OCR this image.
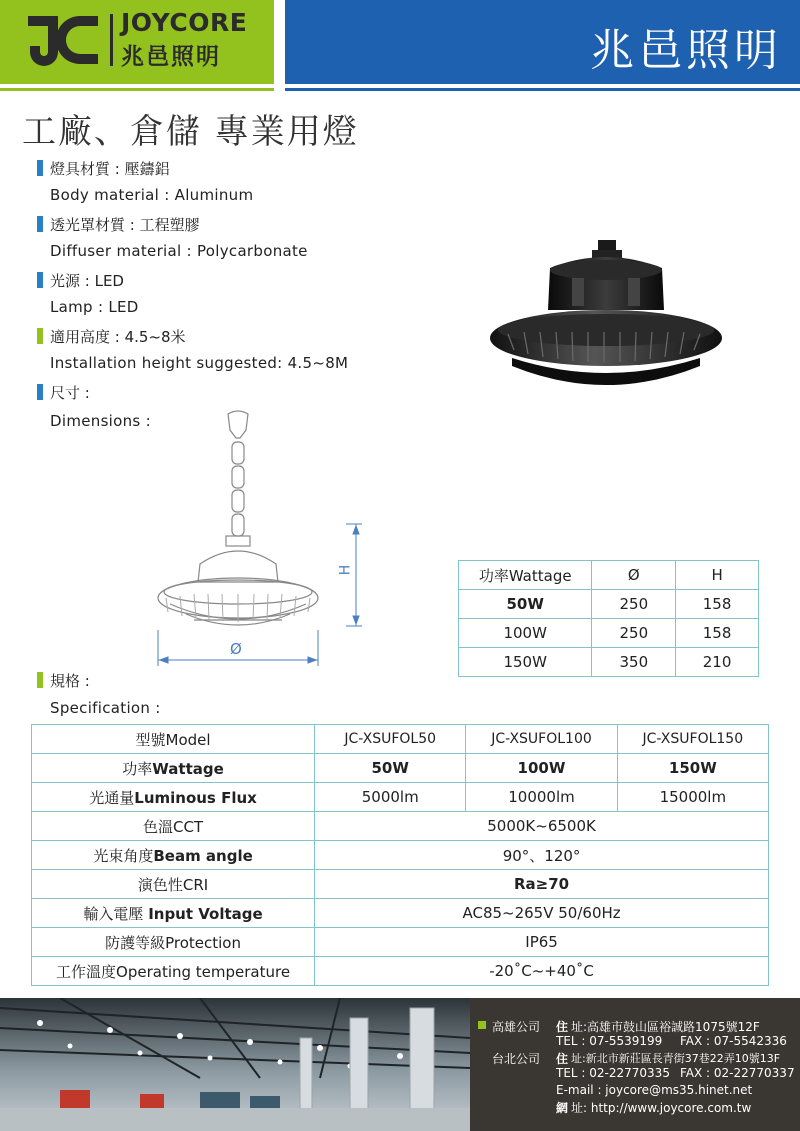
JOYCORE
兆邑照明	兆邑照明
工廠、倉儲 專業用燈
燈具材質 : 壓鑄鋁
Body material : Aluminum
透光罩材質 : 工程塑膠
Diffuser material : Polycarbonate
光源 : LED
Lamp : LED
適用高度 : 4.5~8米
Installation height suggested: 4.5~8M
尺寸 :
Dimensions :
H
Ø
功率Wattage	Ø	H
50W	250	158
100W	250	158
150W	350	210
規格 :
Specification :
型號Model	JC-XSUFOL50	JC-XSUFOL100	JC-XSUFOL150
功率Wattage	50W	100W	150W
光通量Luminous Flux	5000lm	10000lm	15000lm
色溫CCT	5000K~6500K		
光束角度Beam angle	90°、120°		
演色性CRI	Ra≥70		
輸入電壓 Input Voltage	AC85~265V 50/60Hz		
防護等級Protection	IP65		
工作溫度Operating temperature	-20˚C~+40˚C		
高雄公司 住 址:高雄市鼓山區裕誠路1075號12F
TEL : 07-5539199 FAX : 07-5542336
台北公司 住 址:新北市新莊區長青街37巷22弄10號13F
TEL : 02-22770335 FAX : 02-22770337
E-mail : joycore@ms35.hinet.net
網 址: http://www.joycore.com.tw
